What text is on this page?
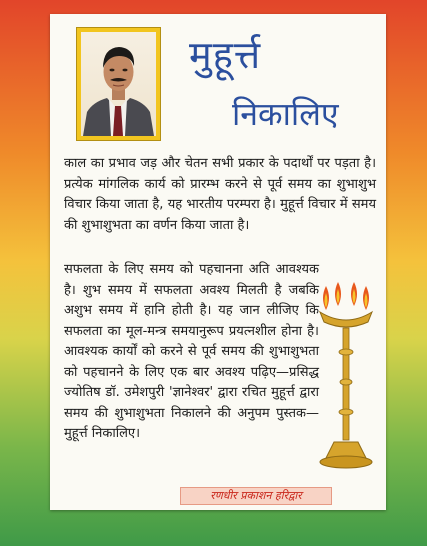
मुहूर्त्त
निकालिए

काल का प्रभाव जड़ और चेतन सभी प्रकार के पदार्थों पर पड़ता है। प्रत्येक मांगलिक कार्य को प्रारम्भ करने से पूर्व समय का शुभाशुभ विचार किया जाता है, यह भारतीय परम्परा है। मुहूर्त्त विचार में समय की शुभाशुभता का वर्णन किया जाता है।

सफलता के लिए समय को पहचानना अति आवश्यक है। शुभ समय में सफलता अवश्य मिलती है जबकि अशुभ समय में हानि होती है। यह जान लीजिए कि सफलता का मूल-मन्त्र समयानुरूप प्रयत्नशील होना है। आवश्यक कार्यों को करने से पूर्व समय की शुभाशुभता को पहचानने के लिए एक बार अवश्य पढ़िए—प्रसिद्ध ज्योतिष डॉ. उमेशपुरी 'ज्ञानेश्वर' द्वारा रचित मुहूर्त्त द्वारा समय की शुभाशुभता निकालने की अनुपम पुस्तक—मुहूर्त्त निकालिए।

रणधीर प्रकाशन हरिद्वार
